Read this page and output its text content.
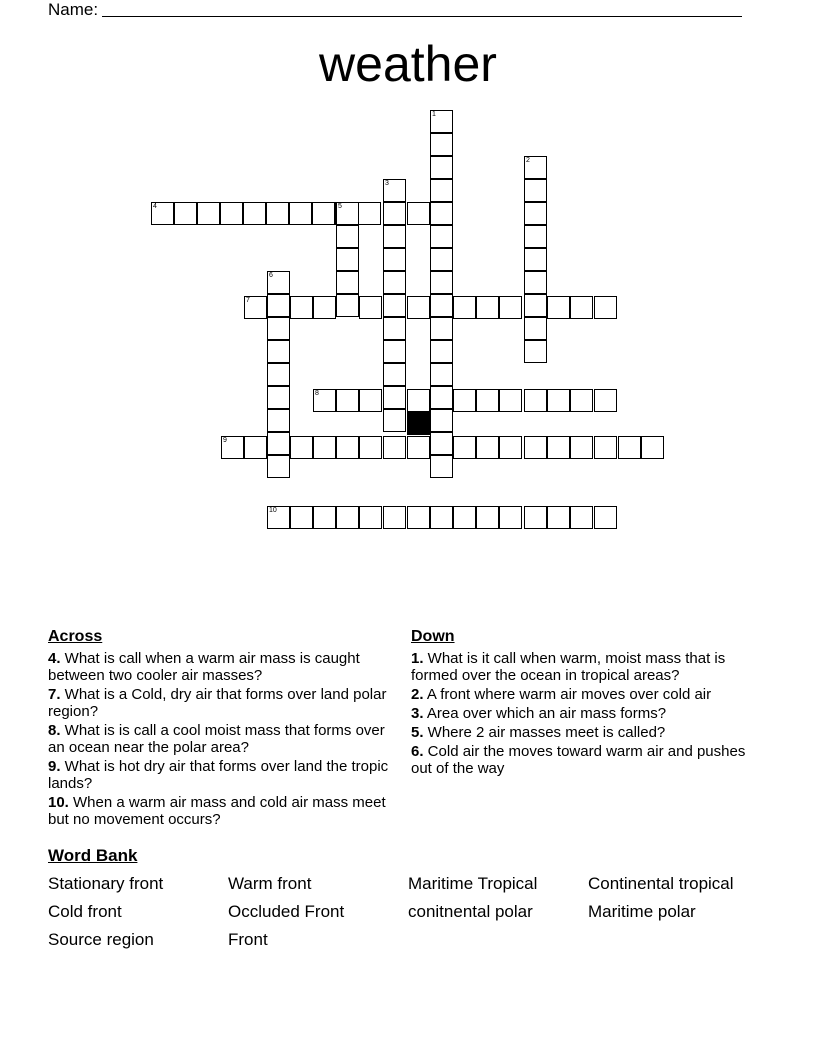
Name:
weather
1
2
3
4
6
7
8
9
10
5
Across
4. What is call when a warm air mass is caught between two cooler air masses?
7. What is a Cold, dry air that forms over land polar region?
8. What is is call a cool moist mass that forms over an ocean near the polar area?
9. What is hot dry air that forms over land the tropic lands?
10. When a warm air mass and cold air mass meet but no movement occurs?
Down
1. What is it call when warm, moist mass that is formed over the ocean in tropical areas?
2. A front where warm air moves over cold air
3. Area over which an air mass forms?
5. Where 2 air masses meet is called?
6. Cold air the moves toward warm air and pushes out of the way
Word Bank
Stationary front	Warm front	Maritime Tropical	Continental tropical
Cold front	Occluded Front	conitnental polar	Maritime polar
Source region	Front
